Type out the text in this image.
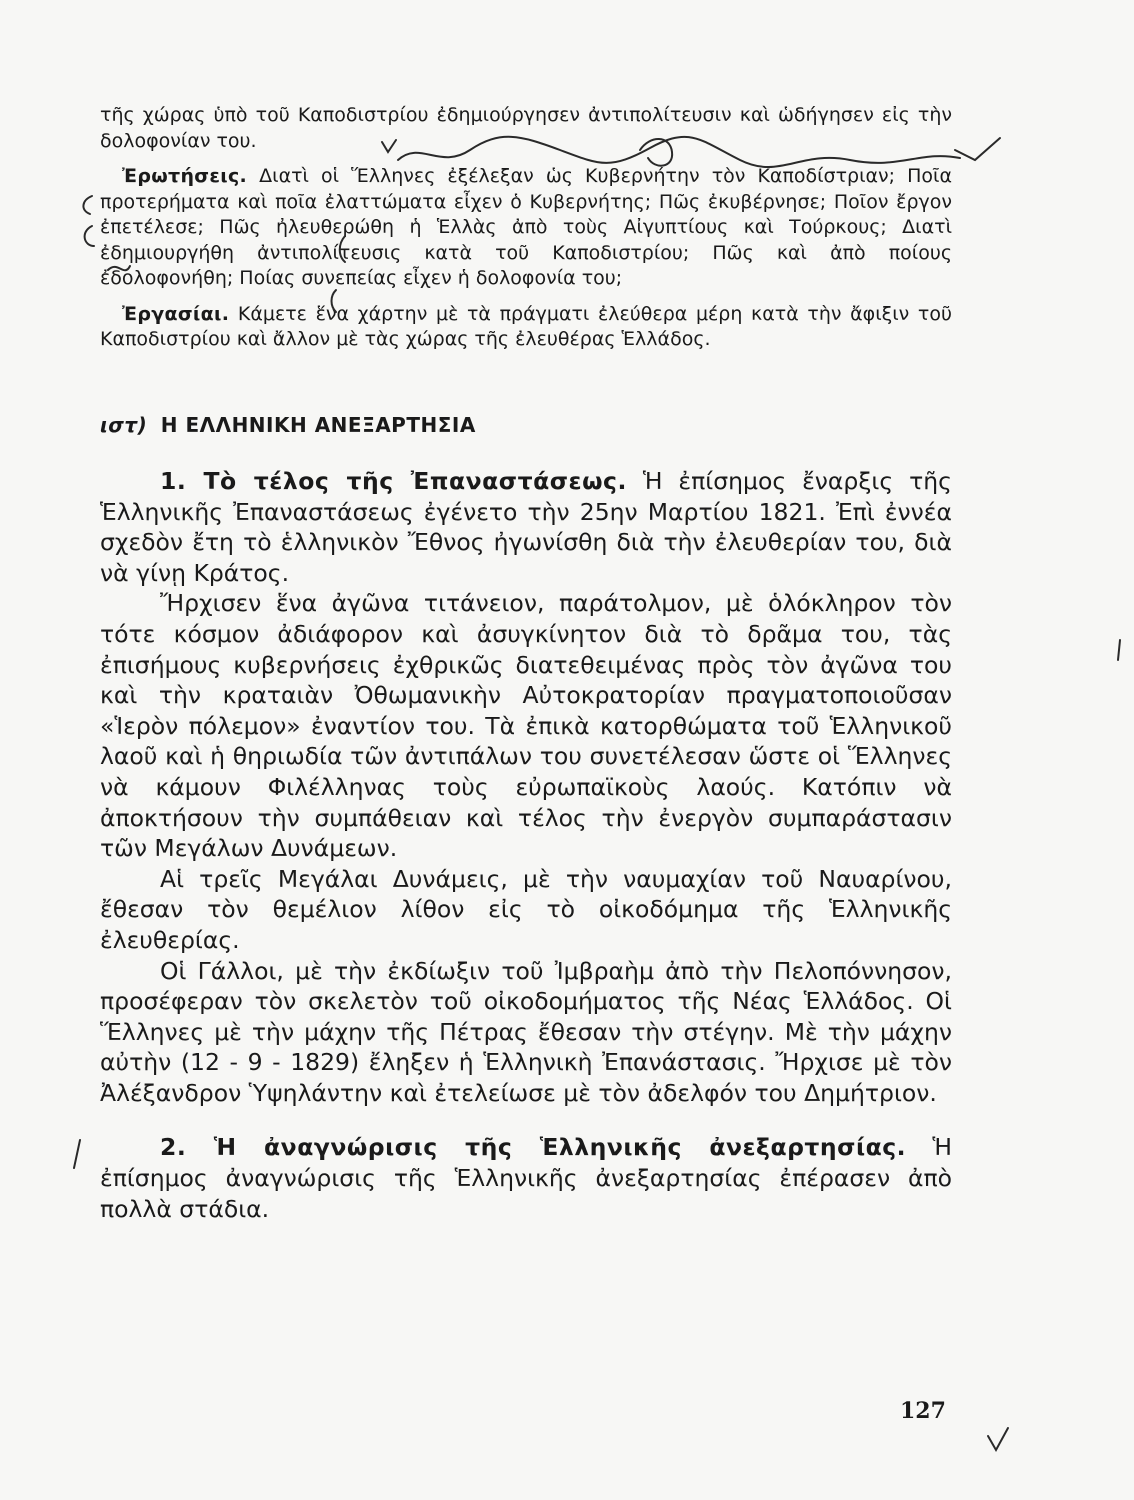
τῆς χώρας ὑπὸ τοῦ Καποδιστρίου ἐδημιούργησεν ἀντιπολίτευσιν καὶ ὡδήγησεν εἰς τὴν δολοφονίαν του.

Ἐρωτήσεις. Διατὶ οἱ Ἕλληνες ἐξέλεξαν ὡς Κυβερνήτην τὸν Καποδίστριαν; Ποῖα προτερήματα καὶ ποῖα ἐλαττώματα εἶχεν ὁ Κυβερνήτης; Πῶς ἐκυβέρνησε; Ποῖον ἔργον ἐπετέλεσε; Πῶς ἠλευθερώθη ἡ Ἑλλὰς ἀπὸ τοὺς Αἰγυπτίους καὶ Τούρκους; Διατὶ ἐδημιουργήθη ἀντιπολίτευσις κατὰ τοῦ Καποδιστρίου; Πῶς καὶ ἀπὸ ποίους ἐδολοφονήθη; Ποίας συνεπείας εἶχεν ἡ δολοφονία του;

Ἐργασίαι. Κάμετε ἕνα χάρτην μὲ τὰ πράγματι ἐλεύθερα μέρη κατὰ τὴν ἄφιξιν τοῦ Καποδιστρίου καὶ ἄλλον μὲ τὰς χώρας τῆς ἐλευθέρας Ἑλλάδος.

ιστ) Η ΕΛΛΗΝΙΚΗ ΑΝΕΞΑΡΤΗΣΙΑ

1. Τὸ τέλος τῆς Ἐπαναστάσεως. Ἡ ἐπίσημος ἔναρξις τῆς Ἑλληνικῆς Ἐπαναστάσεως ἐγένετο τὴν 25ην Μαρτίου 1821. Ἐπὶ ἐννέα σχεδὸν ἔτη τὸ ἑλληνικὸν Ἔθνος ἠγωνίσθη διὰ τὴν ἐλευθερίαν του, διὰ νὰ γίνῃ Κράτος.

Ἤρχισεν ἕνα ἀγῶνα τιτάνειον, παράτολμον, μὲ ὁλόκληρον τὸν τότε κόσμον ἀδιάφορον καὶ ἀσυγκίνητον διὰ τὸ δρᾶμα του, τὰς ἐπισήμους κυβερνήσεις ἐχθρικῶς διατεθειμένας πρὸς τὸν ἀγῶνα του καὶ τὴν κραταιὰν Ὀθωμανικὴν Αὐτοκρατορίαν πραγματοποιοῦσαν «Ἱερὸν πόλεμον» ἐναντίον του. Τὰ ἐπικὰ κατορθώματα τοῦ Ἑλληνικοῦ λαοῦ καὶ ἡ θηριωδία τῶν ἀντιπάλων του συνετέλεσαν ὥστε οἱ Ἕλληνες νὰ κάμουν Φιλέλληνας τοὺς εὐρωπαϊκοὺς λαούς. Κατόπιν νὰ ἀποκτήσουν τὴν συμπάθειαν καὶ τέλος τὴν ἐνεργὸν συμπαράστασιν τῶν Μεγάλων Δυνάμεων.

Αἱ τρεῖς Μεγάλαι Δυνάμεις, μὲ τὴν ναυμαχίαν τοῦ Ναυαρίνου, ἔθεσαν τὸν θεμέλιον λίθον εἰς τὸ οἰκοδόμημα τῆς Ἑλληνικῆς ἐλευθερίας.

Οἱ Γάλλοι, μὲ τὴν ἐκδίωξιν τοῦ Ἰμβραὴμ ἀπὸ τὴν Πελοπόννησον, προσέφεραν τὸν σκελετὸν τοῦ οἰκοδομήματος τῆς Νέας Ἑλλάδος. Οἱ Ἕλληνες μὲ τὴν μάχην τῆς Πέτρας ἔθεσαν τὴν στέγην. Μὲ τὴν μάχην αὐτὴν (12 - 9 - 1829) ἔληξεν ἡ Ἑλληνικὴ Ἐπανάστασις. Ἤρχισε μὲ τὸν Ἀλέξανδρον Ὑψηλάντην καὶ ἐτελείωσε μὲ τὸν ἀδελφόν του Δημήτριον.

2. Ἡ ἀναγνώρισις τῆς Ἑλληνικῆς ἀνεξαρτησίας. Ἡ ἐπίσημος ἀναγνώρισις τῆς Ἑλληνικῆς ἀνεξαρτησίας ἐπέρασεν ἀπὸ πολλὰ στάδια.

127
